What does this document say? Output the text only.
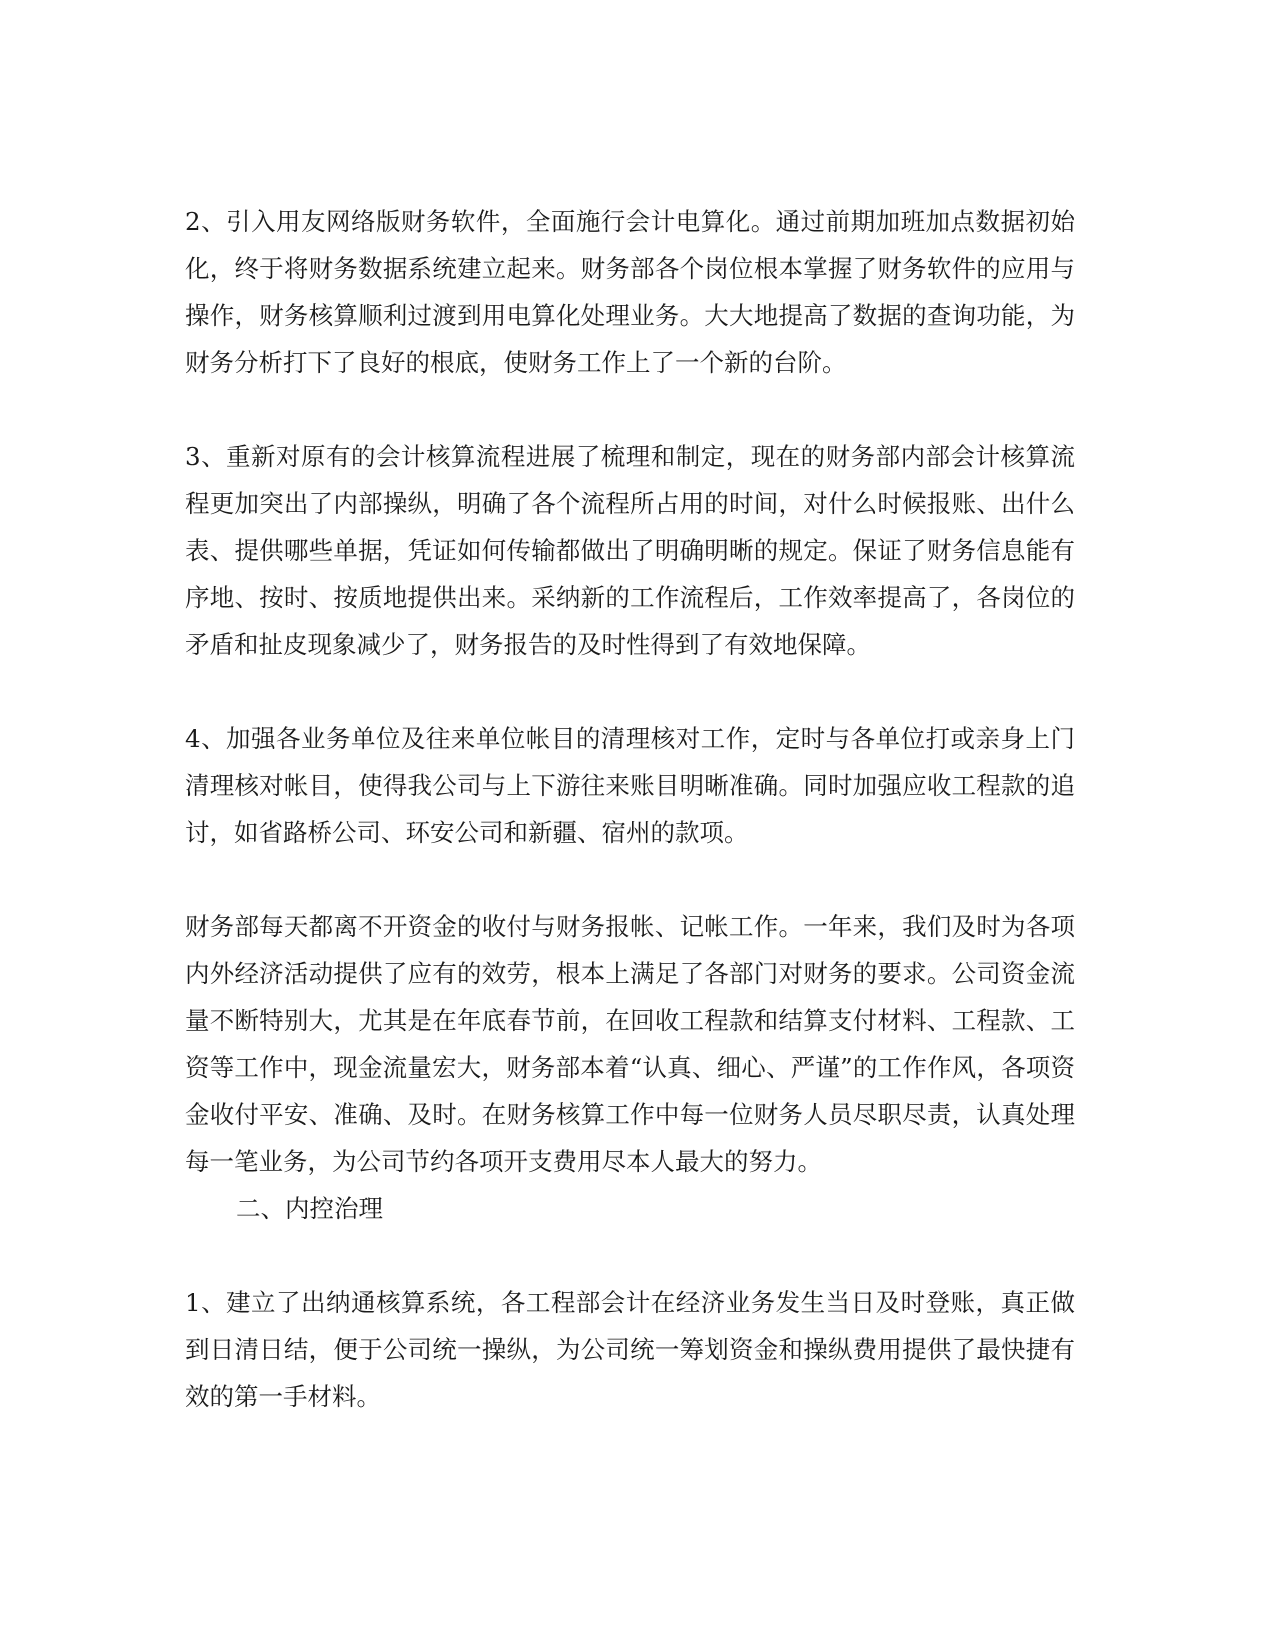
2、引入用友网络版财务软件，全面施行会计电算化。通过前期加班加点数据初始化，终于将财务数据系统建立起来。财务部各个岗位根本掌握了财务软件的应用与操作，财务核算顺利过渡到用电算化处理业务。大大地提高了数据的查询功能，为财务分析打下了良好的根底，使财务工作上了一个新的台阶。

3、重新对原有的会计核算流程进展了梳理和制定，现在的财务部内部会计核算流程更加突出了内部操纵，明确了各个流程所占用的时间，对什么时候报账、出什么表、提供哪些单据，凭证如何传输都做出了明确明晰的规定。保证了财务信息能有序地、按时、按质地提供出来。采纳新的工作流程后，工作效率提高了，各岗位的矛盾和扯皮现象减少了，财务报告的及时性得到了有效地保障。

4、加强各业务单位及往来单位帐目的清理核对工作，定时与各单位打或亲身上门清理核对帐目，使得我公司与上下游往来账目明晰准确。同时加强应收工程款的追讨，如省路桥公司、环安公司和新疆、宿州的款项。

财务部每天都离不开资金的收付与财务报帐、记帐工作。一年来，我们及时为各项内外经济活动提供了应有的效劳，根本上满足了各部门对财务的要求。公司资金流量不断特别大，尤其是在年底春节前，在回收工程款和结算支付材料、工程款、工资等工作中，现金流量宏大，财务部本着“认真、细心、严谨”的工作作风，各项资金收付平安、准确、及时。在财务核算工作中每一位财务人员尽职尽责，认真处理每一笔业务，为公司节约各项开支费用尽本人最大的努力。

二、内控治理

1、建立了出纳通核算系统，各工程部会计在经济业务发生当日及时登账，真正做到日清日结，便于公司统一操纵，为公司统一筹划资金和操纵费用提供了最快捷有效的第一手材料。
